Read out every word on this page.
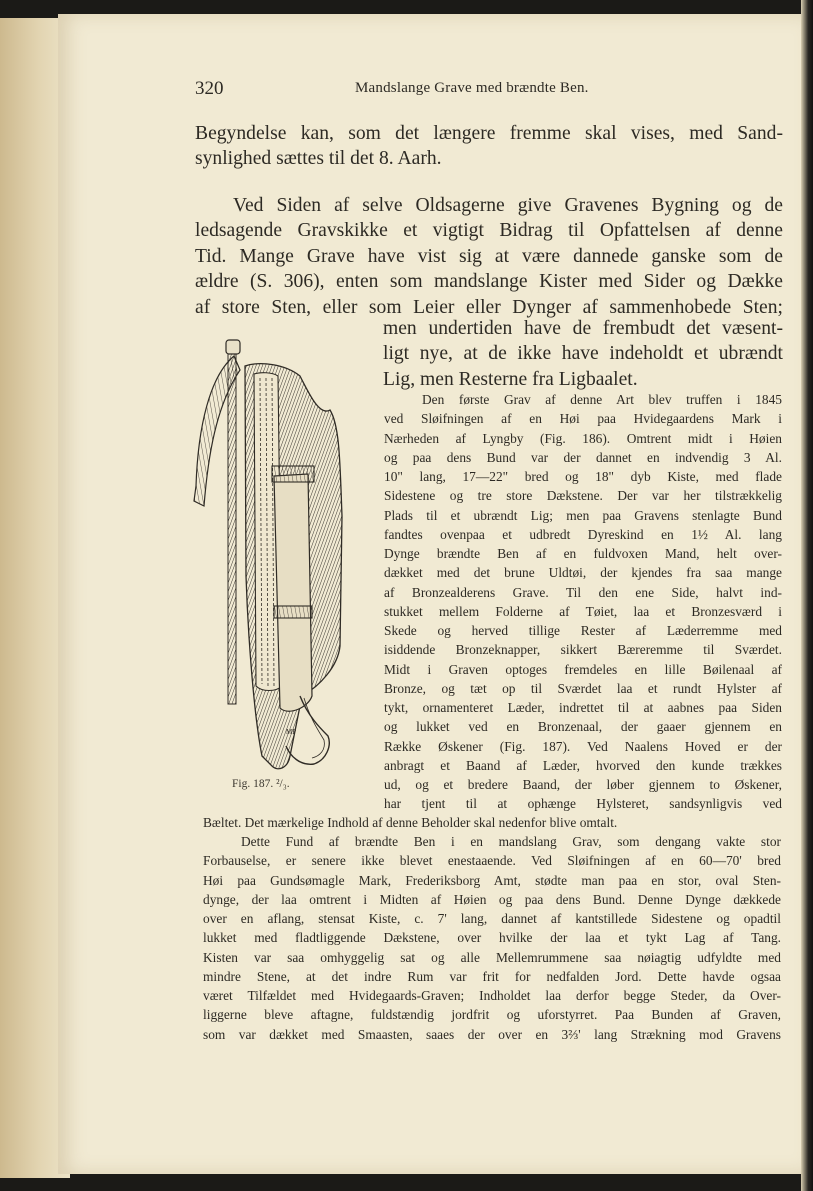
320	Mandslange Grave med brændte Ben.
Begyndelse kan, som det længere fremme skal vises, med Sand-
synlighed sættes til det 8. Aarh.
Ved Siden af selve Oldsagerne give Gravenes Bygning og de
ledsagende Gravskikke et vigtigt Bidrag til Opfattelsen af denne
Tid. Mange Grave have vist sig at være dannede ganske som de
ældre (S. 306), enten som mandslange Kister med Sider og Dække
af store Sten, eller som Leier eller Dynger af sammenhobede Sten;
men undertiden have de frembudt det væsent-
ligt nye, at de ikke have indeholdt et ubrændt
Lig, men Resterne fra Ligbaalet.
Den første Grav af denne Art blev truffen i 1845
ved Sløifningen af en Høi paa Hvidegaardens Mark i
Nærheden af Lyngby (Fig. 186). Omtrent midt i Høien
og paa dens Bund var der dannet en indvendig 3 Al.
10" lang, 17—22" bred og 18" dyb Kiste, med flade
Sidestene og tre store Dækstene. Der var her tilstrækkelig
Plads til et ubrændt Lig; men paa Gravens stenlagte Bund
fandtes ovenpaa et udbredt Dyreskind en 1½ Al. lang
Dynge brændte Ben af en fuldvoxen Mand, helt over-
dækket med det brune Uldtøi, der kjendes fra saa mange
af Bronzealderens Grave. Til den ene Side, halvt ind-
stukket mellem Folderne af Tøiet, laa et Bronzesværd i
Skede og herved tillige Rester af Læderremme med
isiddende Bronzeknapper, sikkert Bæreremme til Sværdet.
Midt i Graven optoges fremdeles en lille Bøilenaal af
Bronze, og tæt op til Sværdet laa et rundt Hylster af
tykt, ornamenteret Læder, indrettet til at aabnes paa Siden
og lukket ved en Bronzenaal, der gaaer gjennem en
Række Øskener (Fig. 187). Ved Naalens Hoved er der
anbragt et Baand af Læder, hvorved den kunde trækkes
ud, og et bredere Baand, der løber gjennem to Øskener,
har tjent til at ophænge Hylsteret, sandsynligvis ved
Bæltet. Det mærkelige Indhold af denne Beholder skal nedenfor blive omtalt.
Dette Fund af brændte Ben i en mandslang Grav, som dengang vakte stor
Forbauselse, er senere ikke blevet enestaaende. Ved Sløifningen af en 60—70' bred
Høi paa Gundsømagle Mark, Frederiksborg Amt, stødte man paa en stor, oval Sten-
dynge, der laa omtrent i Midten af Høien og paa dens Bund. Denne Dynge dækkede
over en aflang, stensat Kiste, c. 7' lang, dannet af kantstillede Sidestene og opadtil
lukket med fladtliggende Dækstene, over hvilke der laa et tykt Lag af Tang.
Kisten var saa omhyggelig sat og alle Mellemrummene saa nøiagtig udfyldte med
mindre Stene, at det indre Rum var frit for nedfalden Jord. Dette havde ogsaa
været Tilfældet med Hvidegaards-Graven; Indholdet laa derfor begge Steder, da Over-
liggerne bleve aftagne, fuldstændig jordfrit og uforstyrret. Paa Bunden af Graven,
som var dækket med Smaasten, saaes der over en 3⅔' lang Strækning mod Gravens
MP
Fig. 187. ²/₃.
